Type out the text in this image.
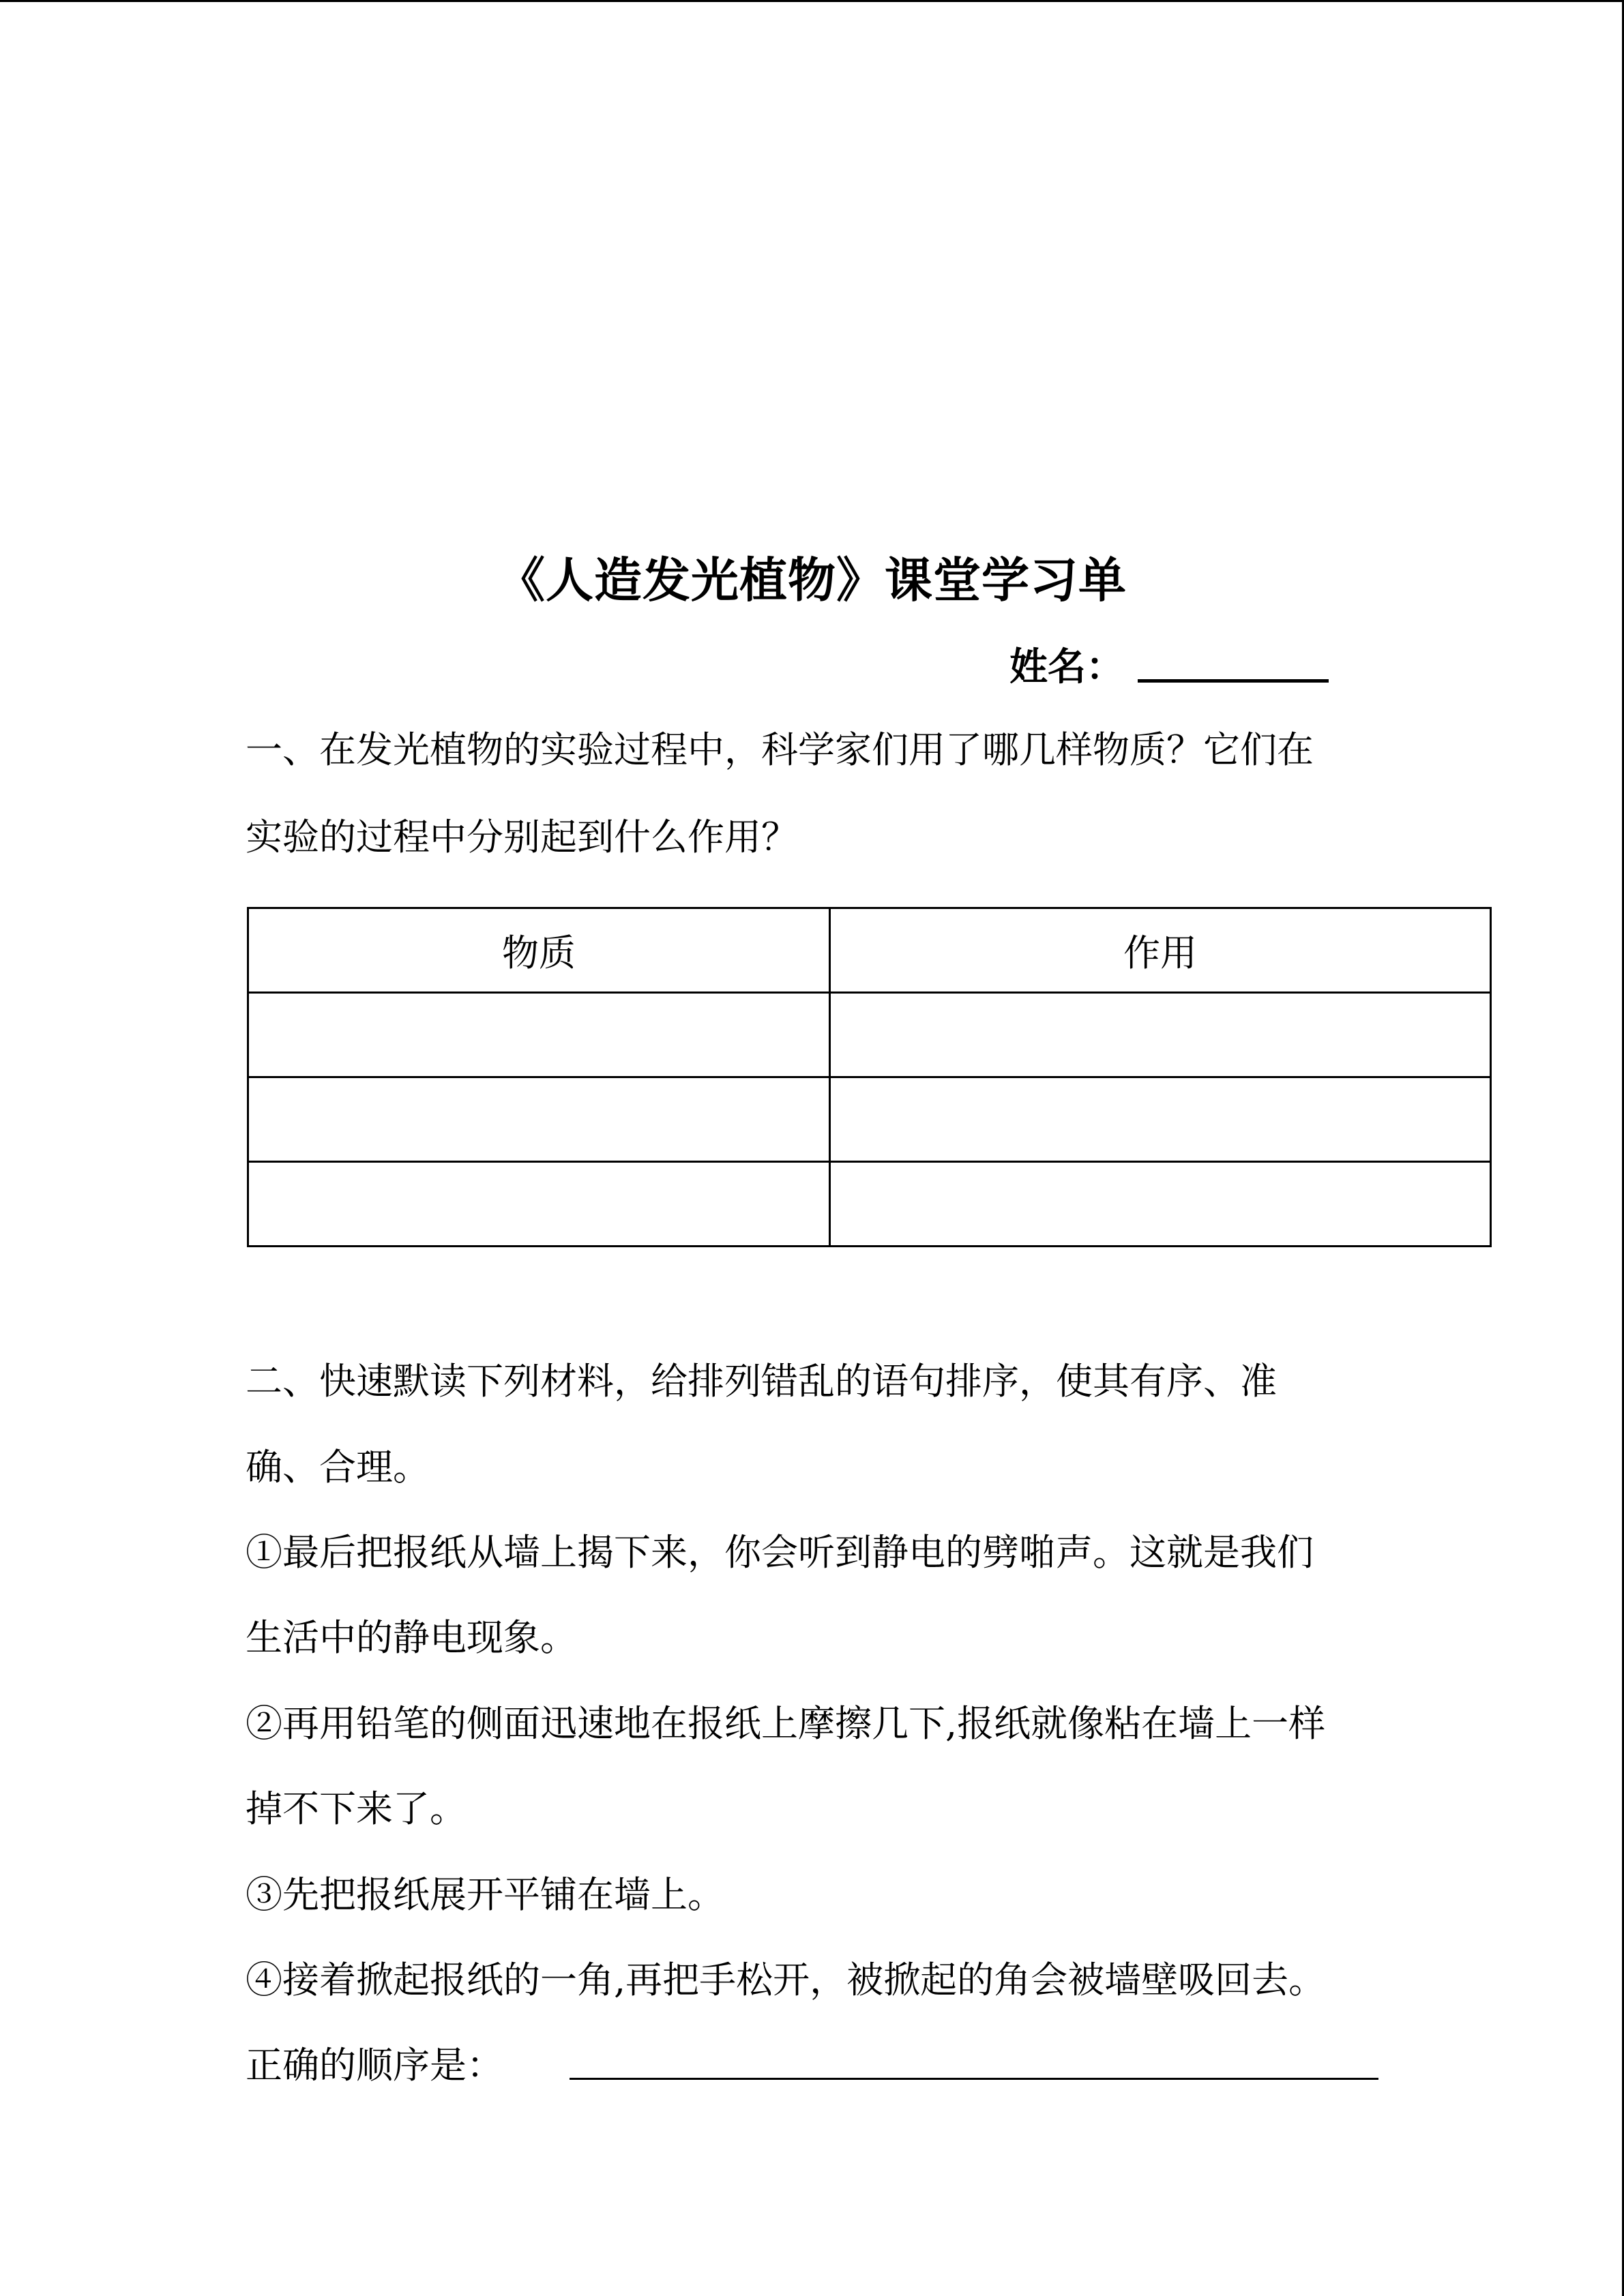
《人造发光植物》课堂学习单
姓名：
一、在发光植物的实验过程中，科学家们用了哪几样物质？它们在
实验的过程中分别起到什么作用？
物质	作用

二、快速默读下列材料，给排列错乱的语句排序，使其有序、准
确、合理。
①最后把报纸从墙上揭下来，你会听到静电的劈啪声。这就是我们
生活中的静电现象。
②再用铅笔的侧面迅速地在报纸上摩擦几下,报纸就像粘在墙上一样
掉不下来了。
③先把报纸展开平铺在墙上。
④接着掀起报纸的一角,再把手松开，被掀起的角会被墙壁吸回去。
正确的顺序是：
